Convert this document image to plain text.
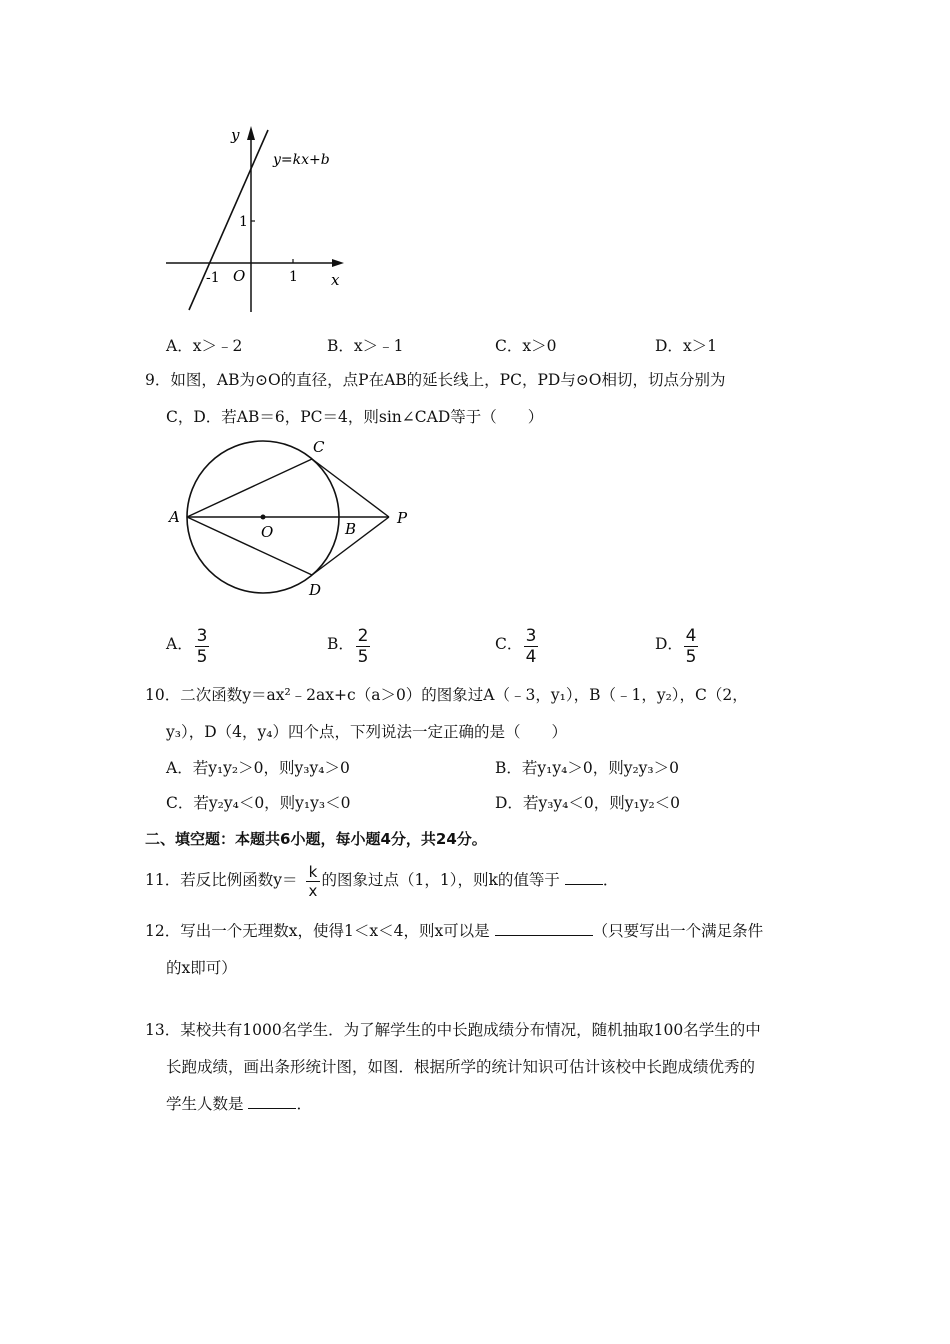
y
y=kx+b
1
-1 O	1 x
A．x＞﹣2	B．x＞﹣1	C．x＞0	D．x＞1
9．如图，AB为⊙O的直径，点P在AB的延长线上，PC，PD与⊙O相切，切点分别为
C，D．若AB＝6，PC＝4，则sin∠CAD等于（　　）
A
C
O	B
P
D
A． 3
5
B． 2
5
C． 3
4
D． 4
5
10．二次函数y＝ax²﹣2ax+c（a＞0）的图象过A（﹣3，y₁），B（﹣1，y₂），C（2，
y₃），D（4，y₄）四个点，下列说法一定正确的是（　　）
A．若y₁y₂＞0，则y₃y₄＞0	B．若y₁y₄＞0，则y₂y₃＞0
C．若y₂y₄＜0，则y₁y₃＜0	D．若y₃y₄＜0，则y₁y₂＜0
二、填空题：本题共6小题，每小题4分，共24分。
11．若反比例函数y＝ 的图象过点（1，1），则k的值等于	．
k
x
12．写出一个无理数x，使得1＜x＜4，则x可以是	（只要写出一个满足条件
的x即可）
13．某校共有1000名学生．为了解学生的中长跑成绩分布情况，随机抽取100名学生的中
长跑成绩，画出条形统计图，如图．根据所学的统计知识可估计该校中长跑成绩优秀的
学生人数是	．
